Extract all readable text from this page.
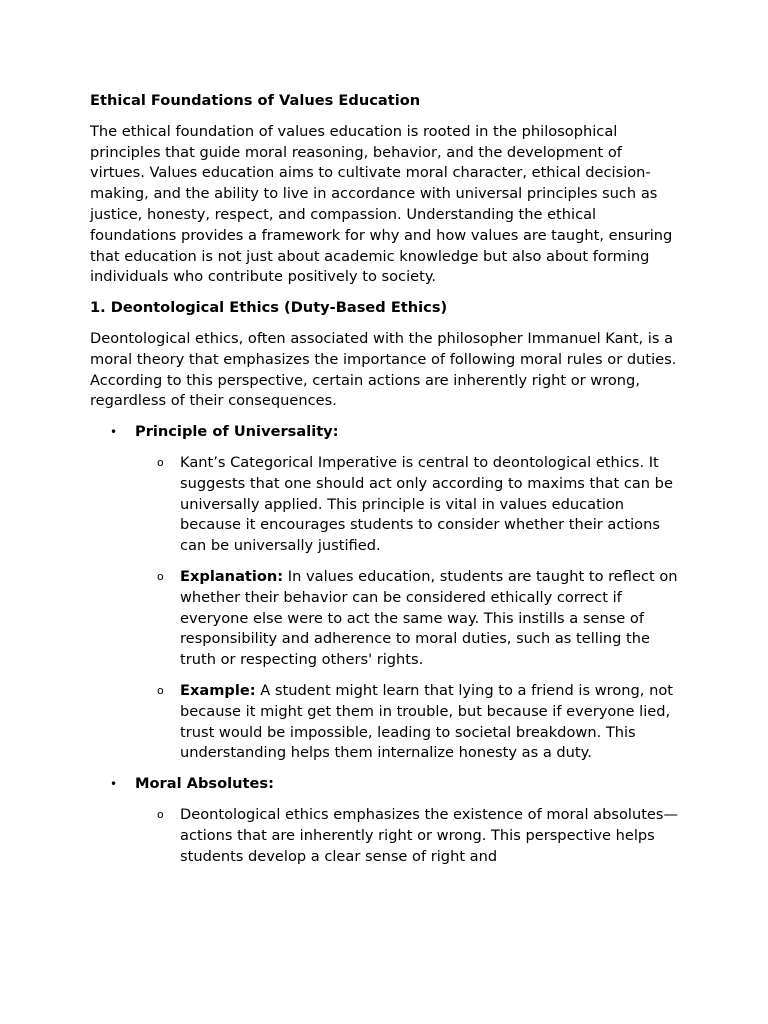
Ethical Foundations of Values Education
The ethical foundation of values education is rooted in the philosophical principles that guide moral reasoning, behavior, and the development of virtues. Values education aims to cultivate moral character, ethical decision-making, and the ability to live in accordance with universal principles such as justice, honesty, respect, and compassion. Understanding the ethical foundations provides a framework for why and how values are taught, ensuring that education is not just about academic knowledge but also about forming individuals who contribute positively to society.
1. Deontological Ethics (Duty-Based Ethics)
Deontological ethics, often associated with the philosopher Immanuel Kant, is a moral theory that emphasizes the importance of following moral rules or duties. According to this perspective, certain actions are inherently right or wrong, regardless of their consequences.
• Principle of Universality:
o Kant’s Categorical Imperative is central to deontological ethics. It suggests that one should act only according to maxims that can be universally applied. This principle is vital in values education because it encourages students to consider whether their actions can be universally justified.
o Explanation: In values education, students are taught to reflect on whether their behavior can be considered ethically correct if everyone else were to act the same way. This instills a sense of responsibility and adherence to moral duties, such as telling the truth or respecting others' rights.
o Example: A student might learn that lying to a friend is wrong, not because it might get them in trouble, but because if everyone lied, trust would be impossible, leading to societal breakdown. This understanding helps them internalize honesty as a duty.
• Moral Absolutes:
o Deontological ethics emphasizes the existence of moral absolutes—actions that are inherently right or wrong. This perspective helps students develop a clear sense of right and
